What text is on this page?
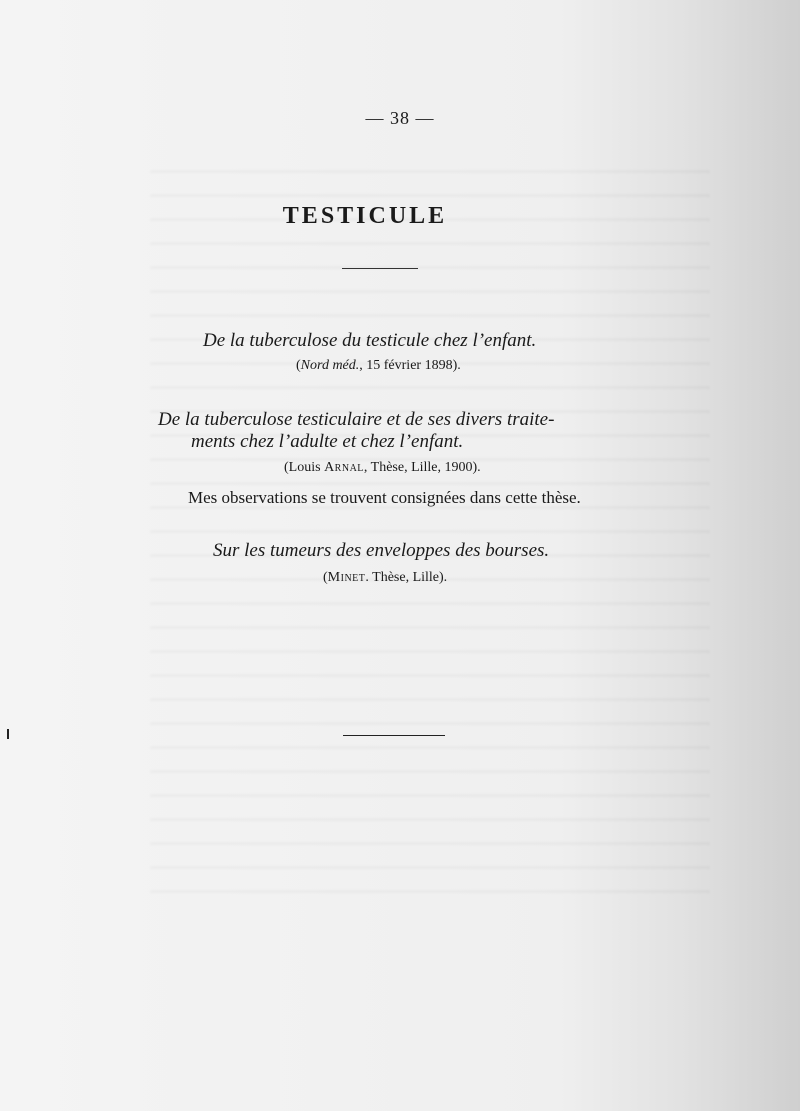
— 38 —
TESTICULE
De la tuberculose du testicule chez l’enfant.
(Nord méd., 15 février 1898).
De la tuberculose testiculaire et de ses divers traite-
ments chez l’adulte et chez l’enfant.
(Louis Arnal, Thèse, Lille, 1900).
Mes observations se trouvent consignées dans cette thèse.
Sur les tumeurs des enveloppes des bourses.
(Minet. Thèse, Lille).
